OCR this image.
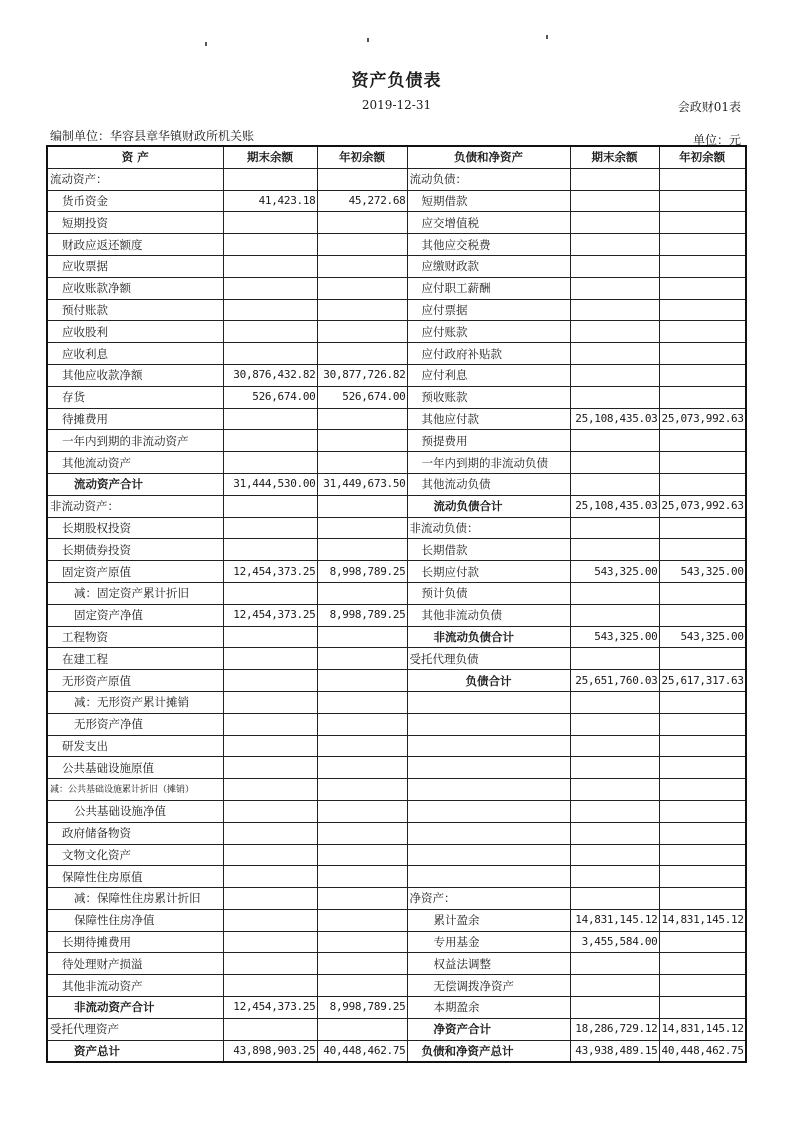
资产负债表
2019-12-31	会政财01表
编制单位：华容县章华镇财政所机关账	单位：元
资 产	期末余额	年初余额	负债和净资产	期末余额	年初余额
流动资产：			流动负债：		
货币资金	41,423.18	45,272.68	短期借款		
短期投资			应交增值税		
财政应返还额度			其他应交税费		
应收票据			应缴财政款		
应收账款净额			应付职工薪酬		
预付账款			应付票据		
应收股利			应付账款		
应收利息			应付政府补贴款		
其他应收款净额	30,876,432.82	30,877,726.82	应付利息		
存货	526,674.00	526,674.00	预收账款		
待摊费用			其他应付款	25,108,435.03	25,073,992.63
一年内到期的非流动资产			预提费用		
其他流动资产			一年内到期的非流动负债		
流动资产合计	31,444,530.00	31,449,673.50	其他流动负债		
非流动资产：			流动负债合计	25,108,435.03	25,073,992.63
长期股权投资			非流动负债：		
长期债券投资			长期借款		
固定资产原值	12,454,373.25	8,998,789.25	长期应付款	543,325.00	543,325.00
减：固定资产累计折旧			预计负债		
固定资产净值	12,454,373.25	8,998,789.25	其他非流动负债		
工程物资			非流动负债合计	543,325.00	543,325.00
在建工程			受托代理负债		
无形资产原值			负债合计	25,651,760.03	25,617,317.63
减：无形资产累计摊销					
无形资产净值					
研发支出					
公共基础设施原值					
减：公共基础设施累计折旧（摊销）					
公共基础设施净值					
政府储备物资					
文物文化资产					
保障性住房原值					
减：保障性住房累计折旧			净资产：		
保障性住房净值			累计盈余	14,831,145.12	14,831,145.12
长期待摊费用			专用基金	3,455,584.00	
待处理财产损溢			权益法调整		
其他非流动资产			无偿调拨净资产		
非流动资产合计	12,454,373.25	8,998,789.25	本期盈余		
受托代理资产			净资产合计	18,286,729.12	14,831,145.12
资产总计	43,898,903.25	40,448,462.75	负债和净资产总计	43,938,489.15	40,448,462.75
